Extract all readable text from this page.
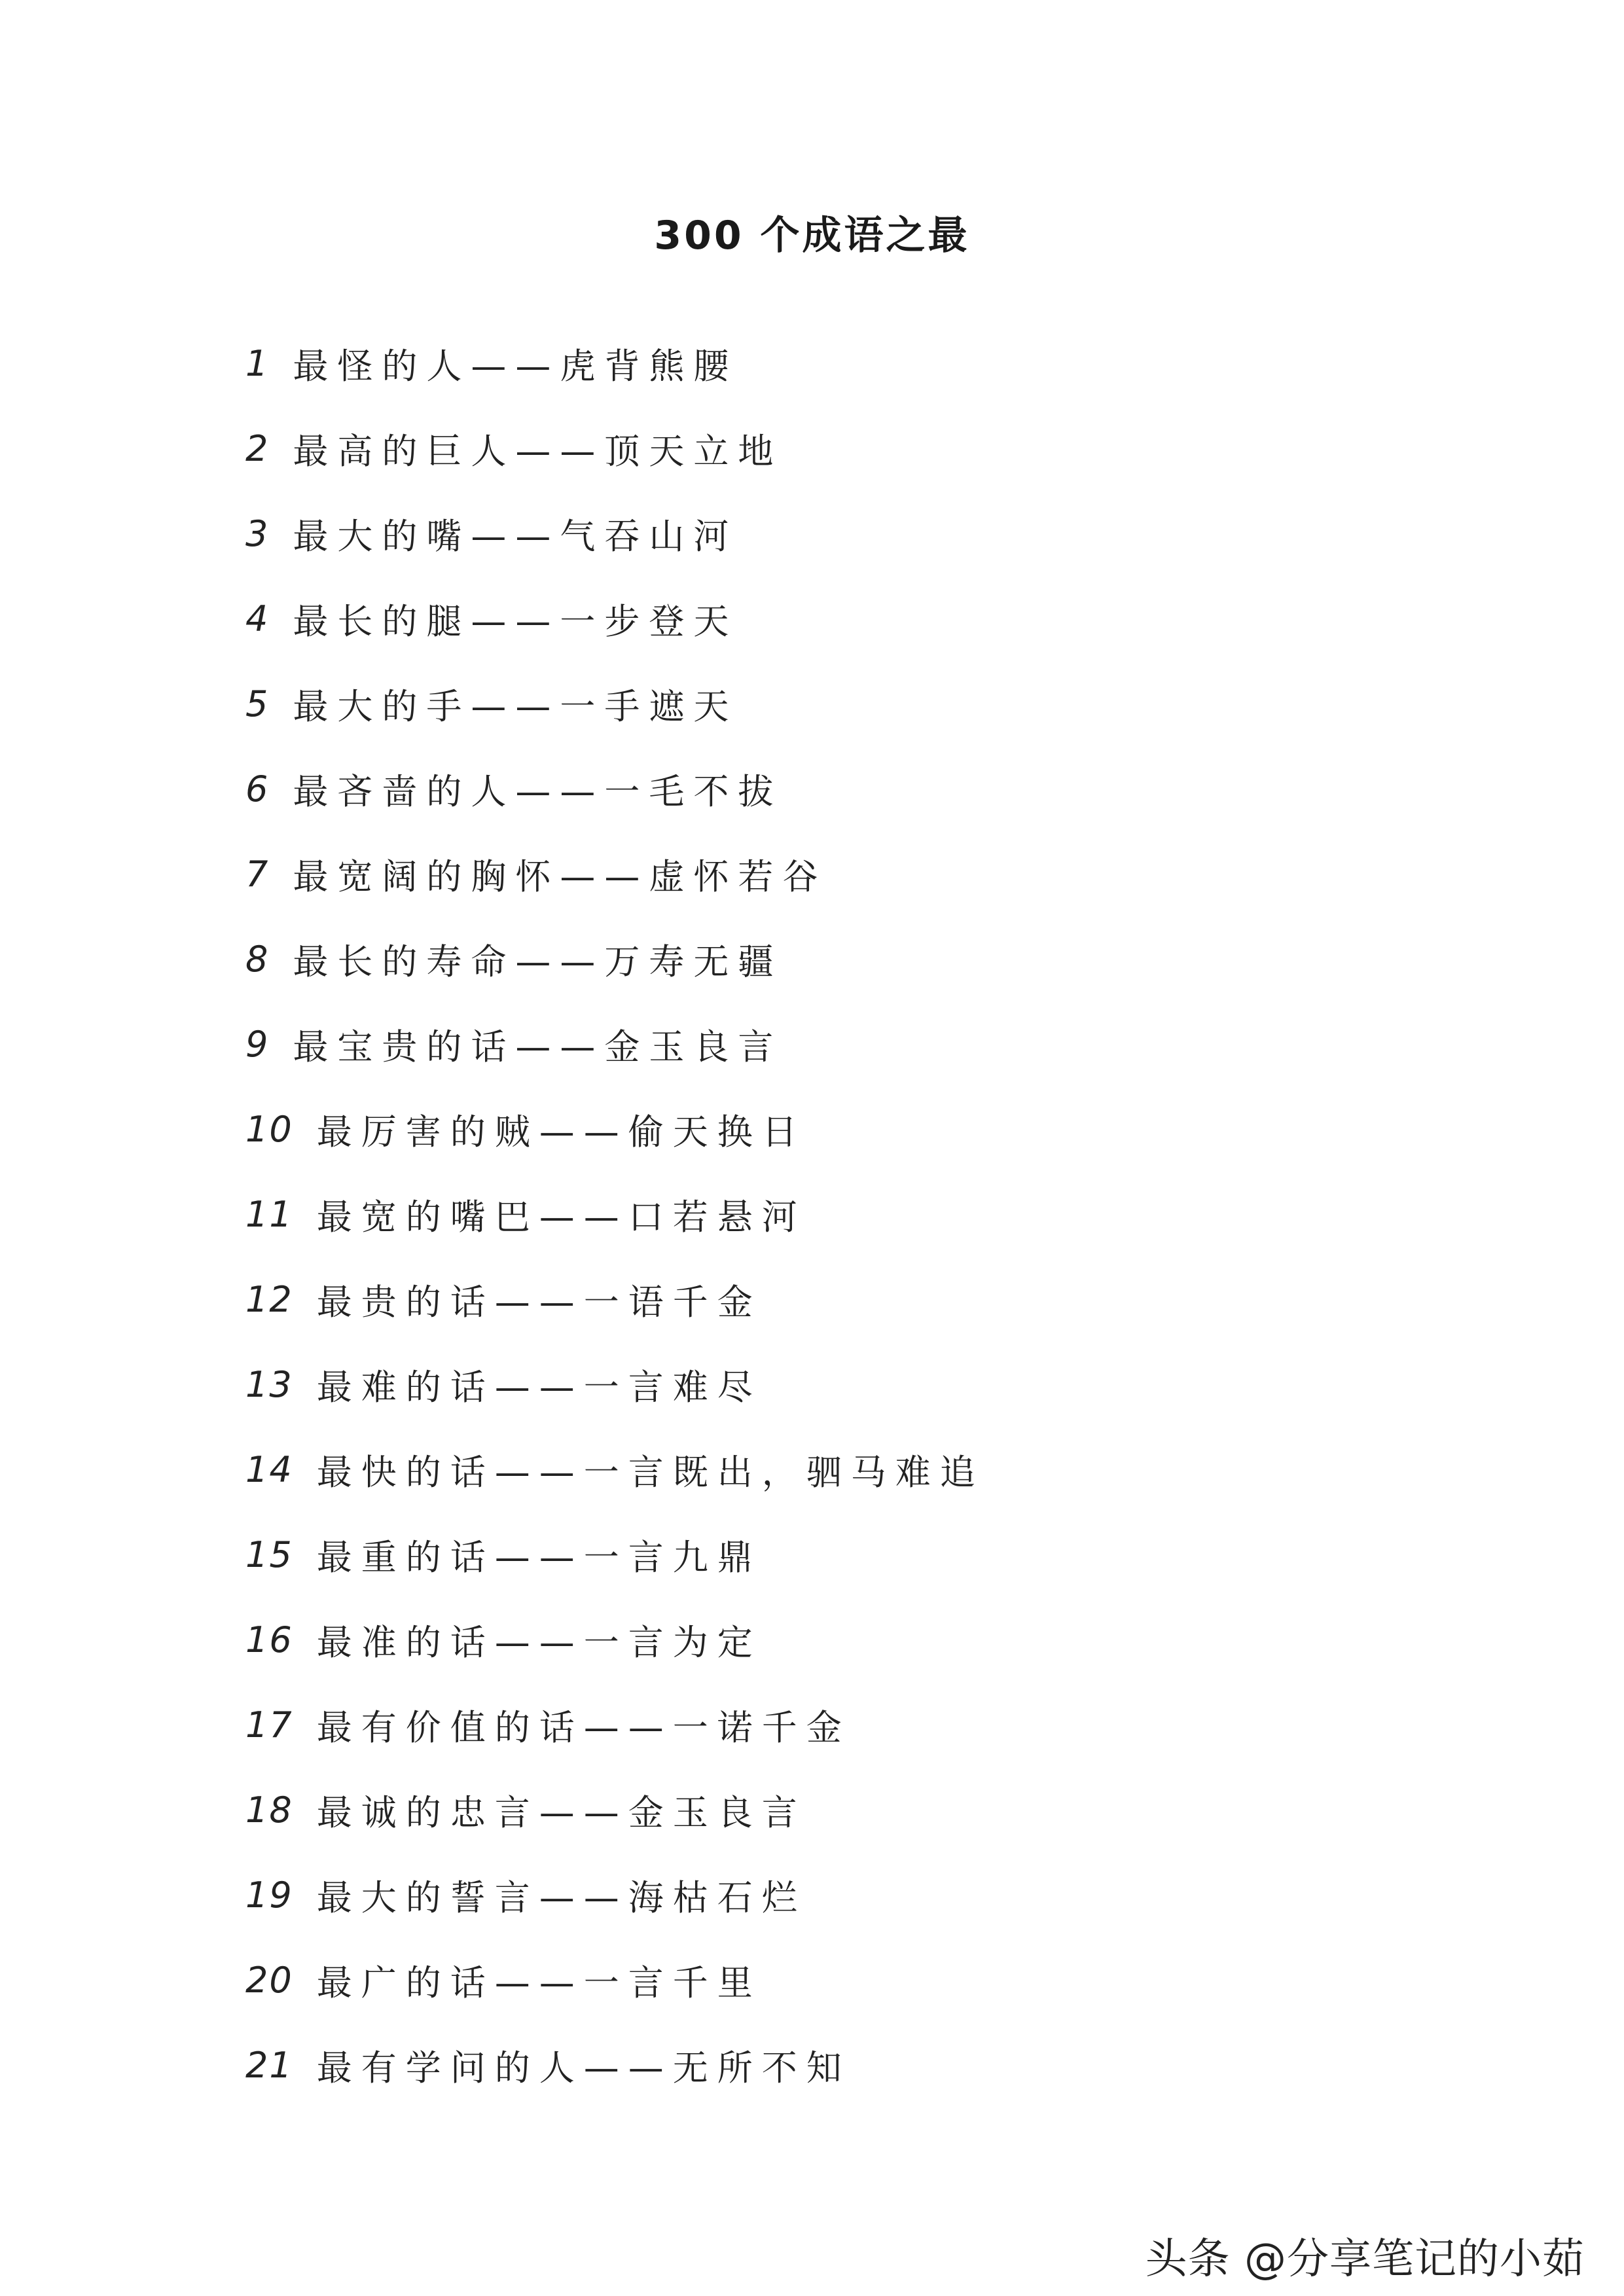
300 个成语之最
1 最怪的人——虎背熊腰
2 最高的巨人——顶天立地
3 最大的嘴——气吞山河
4 最长的腿——一步登天
5 最大的手——一手遮天
6 最吝啬的人——一毛不拔
7 最宽阔的胸怀——虚怀若谷
8 最长的寿命——万寿无疆
9 最宝贵的话——金玉良言
10 最厉害的贼——偷天换日
11 最宽的嘴巴——口若悬河
12 最贵的话——一语千金
13 最难的话——一言难尽
14 最快的话——一言既出，驷马难追
15 最重的话——一言九鼎
16 最准的话——一言为定
17 最有价值的话——一诺千金
18 最诚的忠言——金玉良言
19 最大的誓言——海枯石烂
20 最广的话——一言千里
21 最有学问的人——无所不知
头条 @分享笔记的小茹
